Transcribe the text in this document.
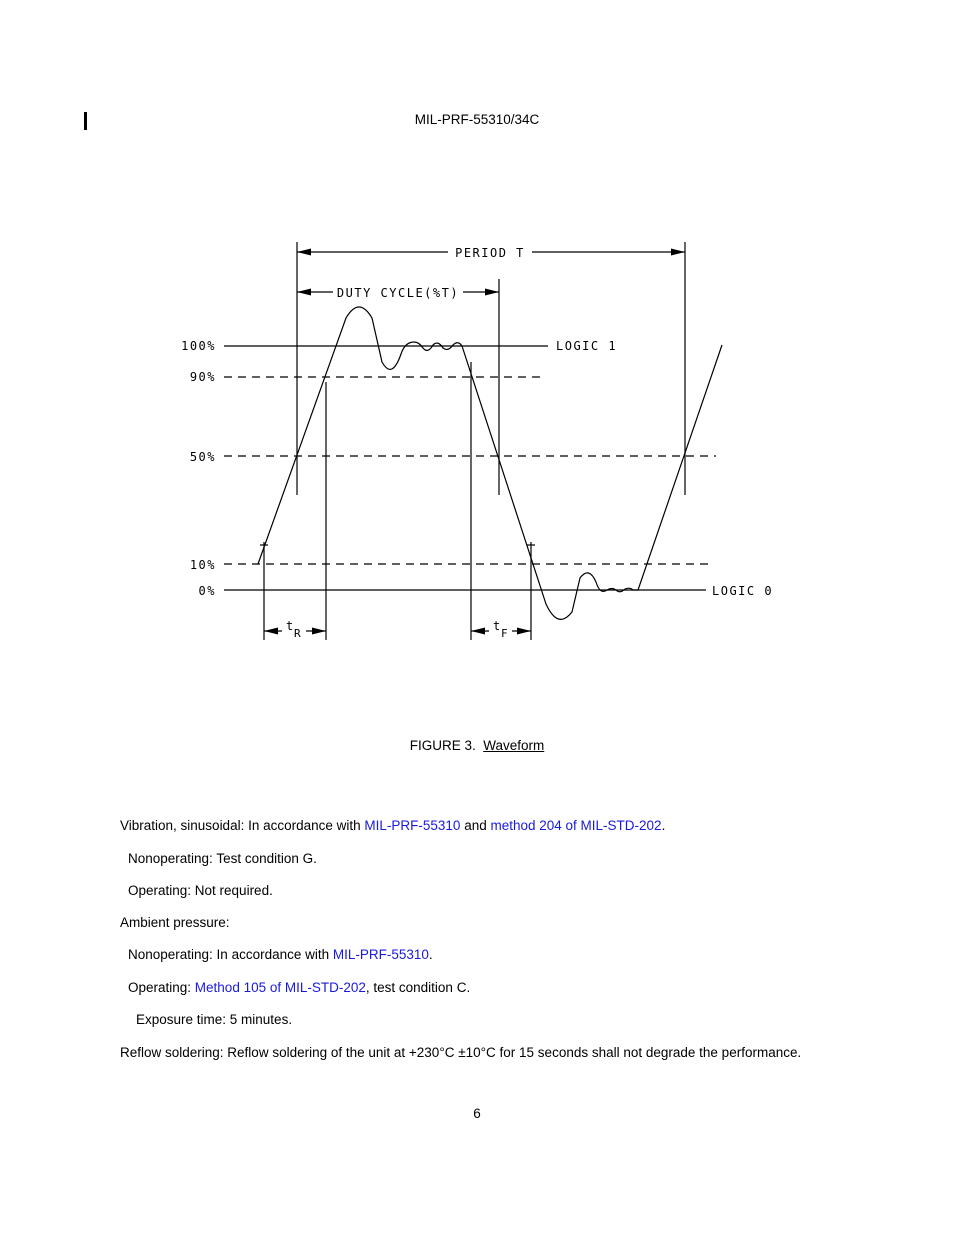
MIL-PRF-55310/34C
PERIOD T
DUTY CYCLE(%T)
LOGIC 1
LOGIC 0
100%
90%
50%
10%
0%
t
R
t
F
FIGURE 3. Waveform
Vibration, sinusoidal: In accordance with MIL-PRF-55310 and method 204 of MIL-STD-202.
Nonoperating: Test condition G.
Operating: Not required.
Ambient pressure:
Nonoperating: In accordance with MIL-PRF-55310.
Operating: Method 105 of MIL-STD-202, test condition C.
Exposure time: 5 minutes.
Reflow soldering: Reflow soldering of the unit at +230°C ±10°C for 15 seconds shall not degrade the performance.
6
